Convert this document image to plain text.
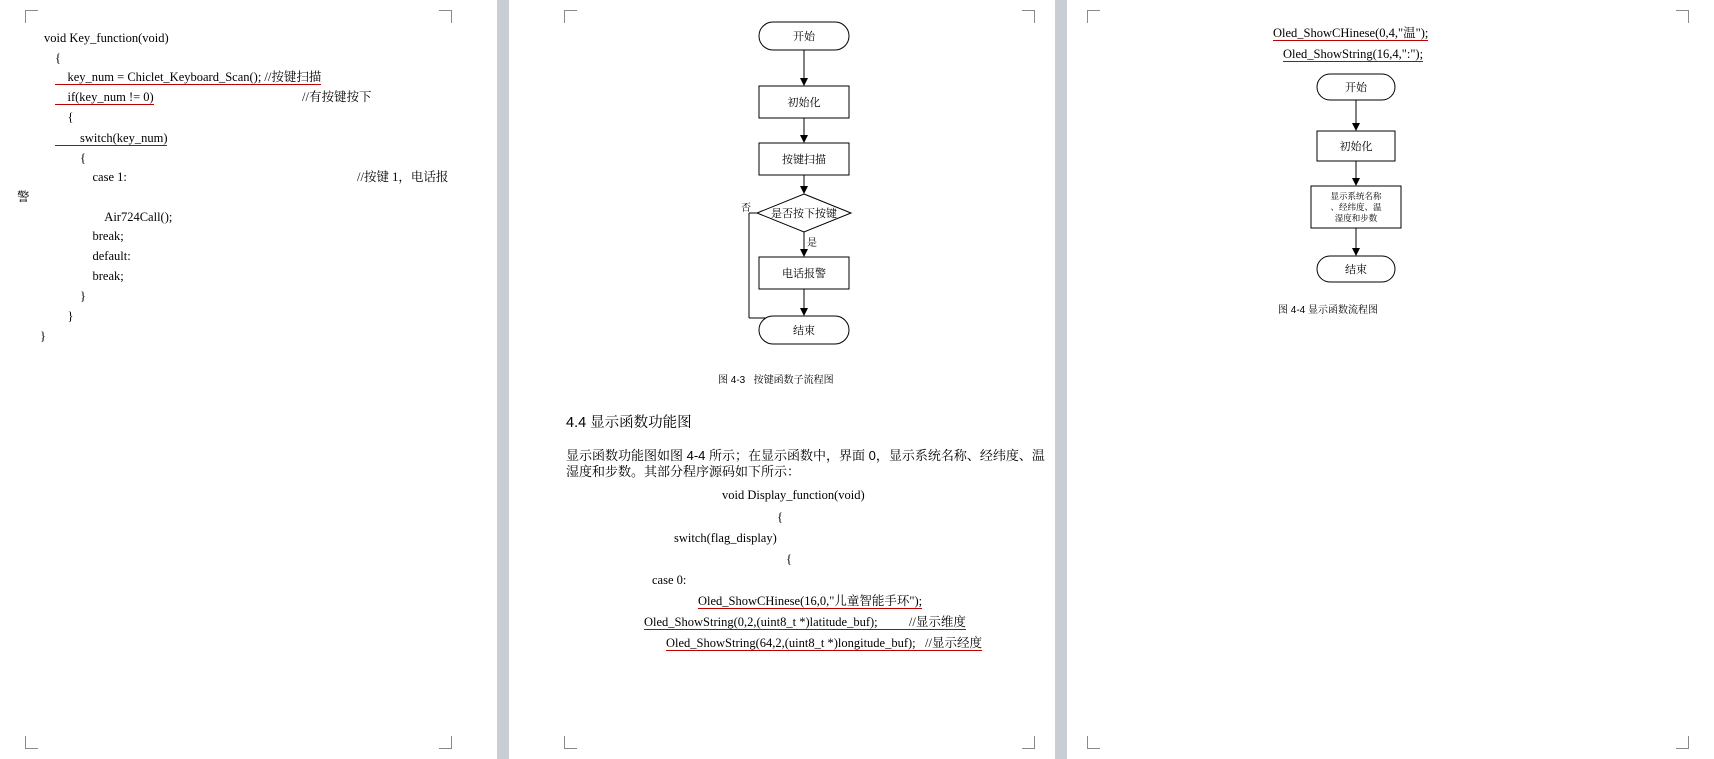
void Key_function(void)
{
key_num = Chiclet_Keyboard_Scan(); //按键扫描
if(key_num != 0)	//有按键按下
{
switch(key_num)
{
case 1:	//按键 1，电话报
警
Air724Call();
break;
default:
break;
}
}
}
开始
初始化
按键扫描
是否按下按键
否
是
电话报警
结束
图 4-3   按键函数子流程图
4.4 显示函数功能图
显示函数功能图如图 4-4 所示；在显示函数中，界面 0，显示系统名称、经纬度、温
湿度和步数。其部分程序源码如下所示：
void Display_function(void)
{
switch(flag_display)
{
case 0:
Oled_ShowCHinese(16,0,"儿童智能手环");
Oled_ShowString(0,2,(uint8_t *)latitude_buf);          //显示维度
Oled_ShowString(64,2,(uint8_t *)longitude_buf);   //显示经度
Oled_ShowCHinese(0,4,"温");
Oled_ShowString(16,4,":");
开始
初始化
显示系统名称
、经纬度、温
湿度和步数
结束
图 4-4 显示函数流程图
